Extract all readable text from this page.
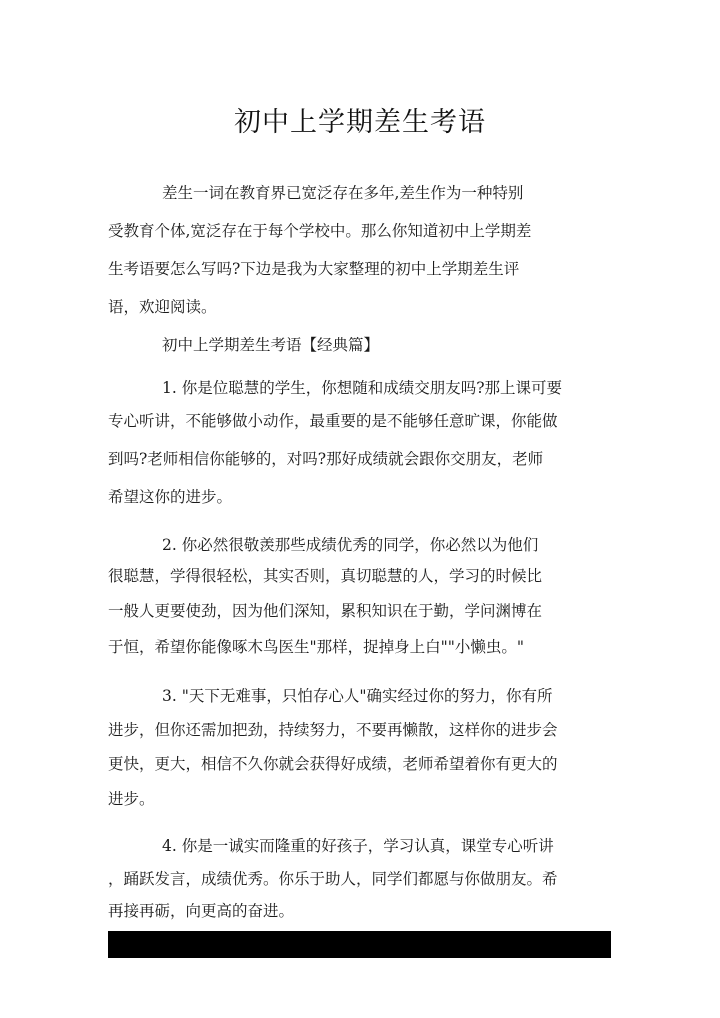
初中上学期差生考语
差生一词在教育界已宽泛存在多年,差生作为一种特别
受教育个体,宽泛存在于每个学校中。那么你知道初中上学期差
生考语要怎么写吗?下边是我为大家整理的初中上学期差生评
语，欢迎阅读。
初中上学期差生考语【经典篇】
1. 你是位聪慧的学生，你想随和成绩交朋友吗?那上课可要
专心听讲，不能够做小动作，最重要的是不能够任意旷课，你能做
到吗?老师相信你能够的，对吗?那好成绩就会跟你交朋友，老师
希望这你的进步。
2. 你必然很敬羡那些成绩优秀的同学，你必然以为他们
很聪慧，学得很轻松，其实否则，真切聪慧的人，学习的时候比
一般人更要使劲，因为他们深知，累积知识在于勤，学问渊博在
于恒，希望你能像啄木鸟医生"那样，捉掉身上白""小懒虫。"
3. "天下无难事，只怕存心人"确实经过你的努力，你有所
进步，但你还需加把劲，持续努力，不要再懒散，这样你的进步会
更快，更大，相信不久你就会获得好成绩，老师希望着你有更大的
进步。
4. 你是一诚实而隆重的好孩子，学习认真，课堂专心听讲
，踊跃发言，成绩优秀。你乐于助人，同学们都愿与你做朋友。希
再接再砺，向更高的奋进。
